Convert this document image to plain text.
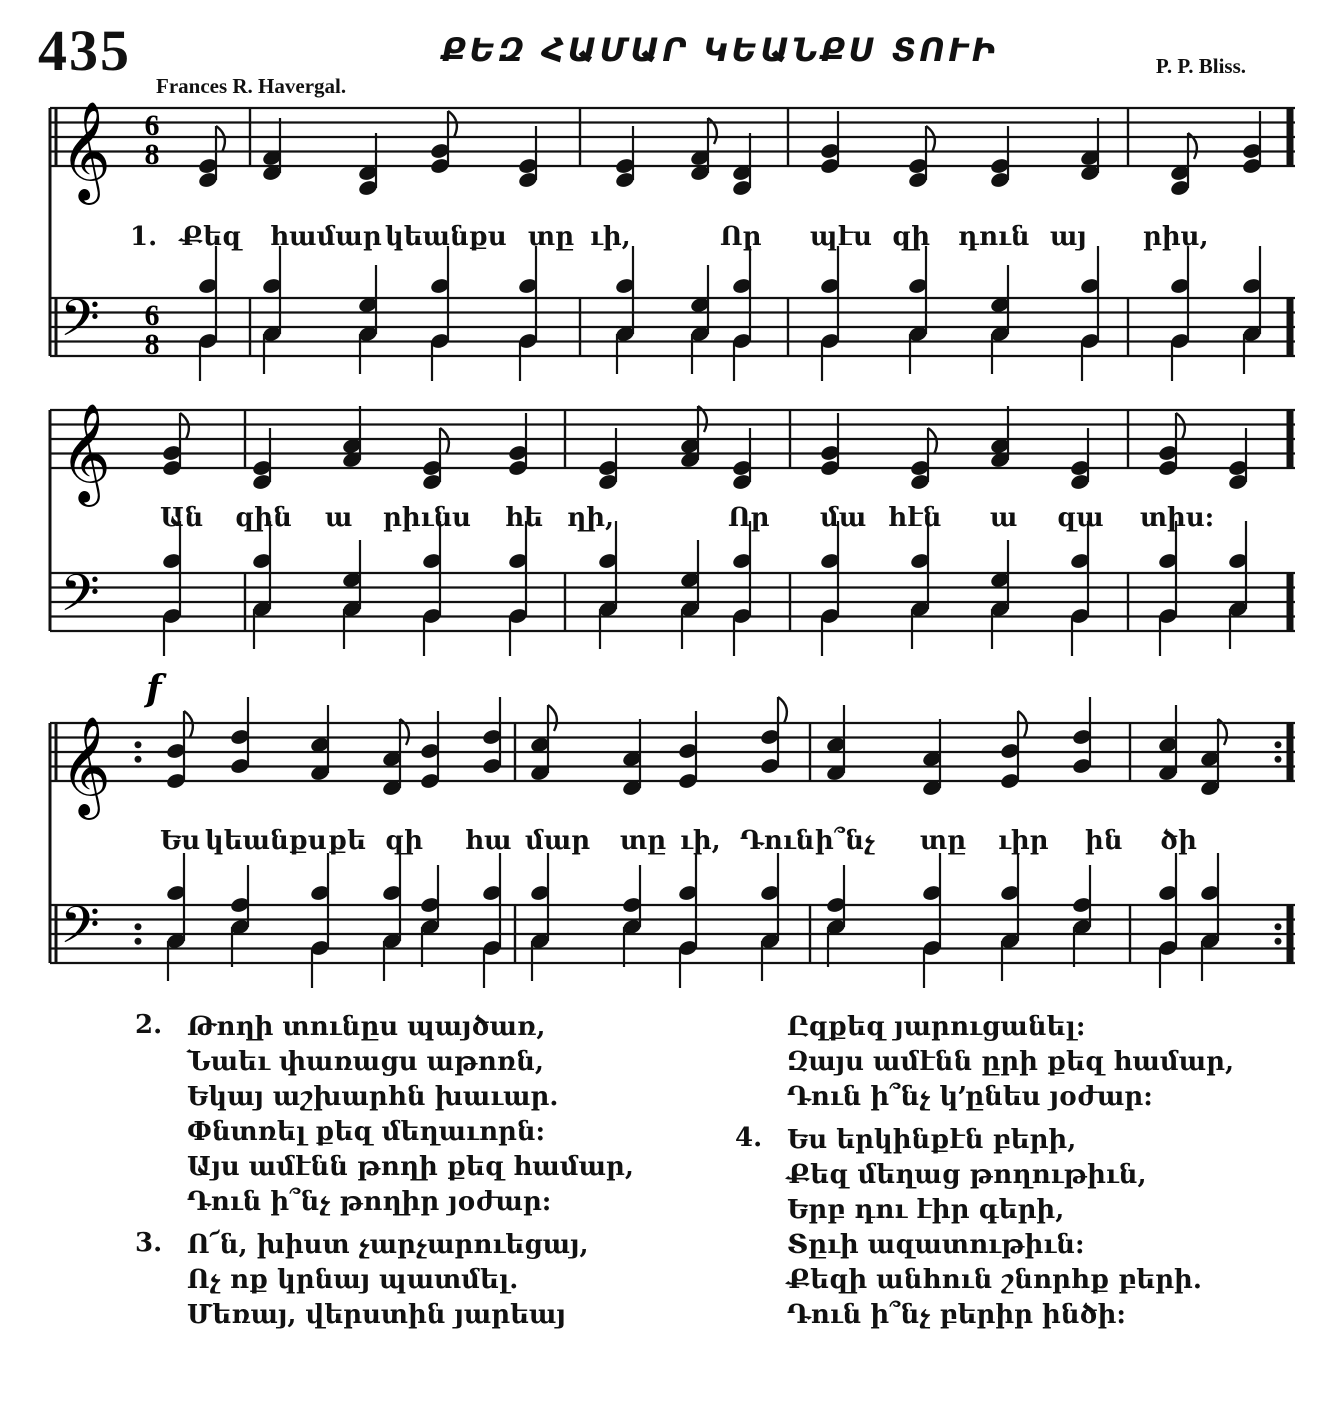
435	ՔԵԶ ՀԱՄԱՐ ԿԵԱՆՔՍ ՏՈՒԻ
Frances R. Havergal.
P. P. Bliss.
𝄞
𝄢
6
8
6
8
1. Քեզ համար կեանքս տը ւի,	Որ պէս զի դուն այ րիս,
𝄞
𝄢
Ան զին ա րիւնս հե ղի,	Որ մա հէն ա զա տիս:
𝄞
𝄢
f
Ես կեանքս քե զի հա մար տը ւի, Դուն ի՞նչ տը ւիր ին ծի
2. Թողի տունըս պայծառ,
Նաեւ փառացս աթոռն,
Եկայ աշխարհն խաւար.
Փնտռել քեզ մեղաւորն:
Այս ամէնն թողի քեզ համար,
Դուն ի՞նչ թողիր յօժար:
3. Ո՜ն, խիստ չարչարուեցայ,
Ոչ ոք կրնայ պատմել.
Մեռայ, վերստին յարեայ
Ըզքեզ յարուցանել:
Զայս ամէնն ըրի քեզ համար,
Դուն ի՞նչ կ՚ընես յօժար:
4. Ես երկինքէն բերի,
Քեզ մեղաց թողութիւն,
Երբ դու էիր գերի,
Տըւի ազատութիւն:
Քեզի անհուն շնորհք բերի.
Դուն ի՞նչ բերիր ինծի:
